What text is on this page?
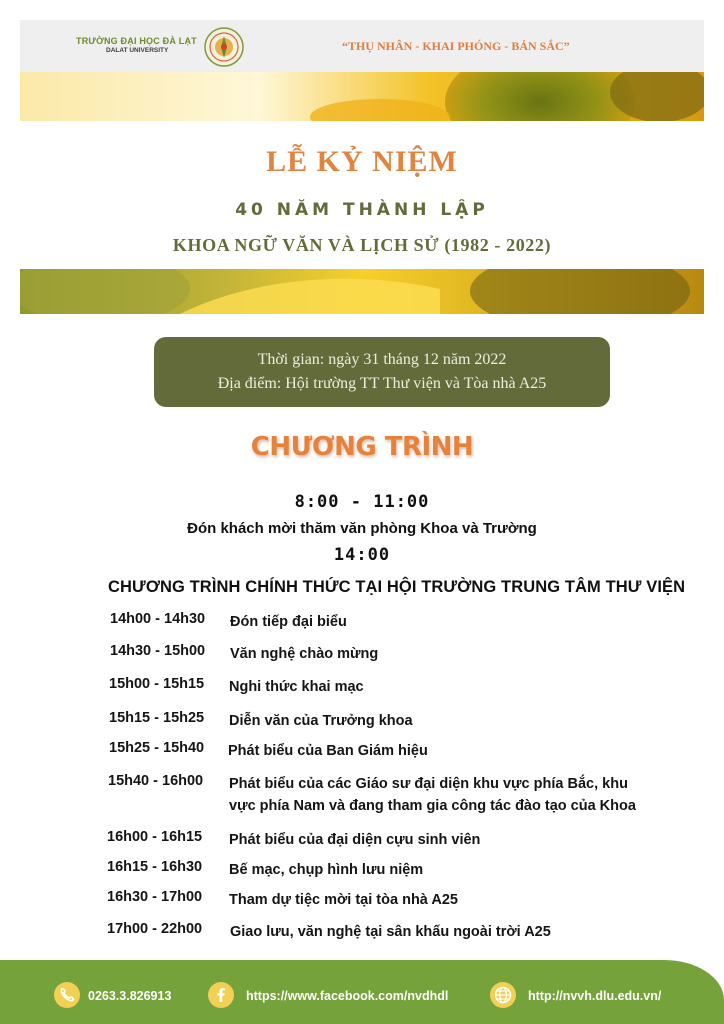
TRƯỜNG ĐẠI HỌC ĐÀ LẠT
DALAT UNIVERSITY	“THỤ NHÂN - KHAI PHÓNG - BẢN SẮC”
LỄ KỶ NIỆM
40 NĂM THÀNH LẬP
KHOA NGỮ VĂN VÀ LỊCH SỬ (1982 - 2022)
Thời gian: ngày 31 tháng 12 năm 2022
Địa điểm: Hội trường TT Thư viện và Tòa nhà A25
CHƯƠNG TRÌNH
8:00 - 11:00
Đón khách mời thăm văn phòng Khoa và Trường
14:00
CHƯƠNG TRÌNH CHÍNH THỨC TẠI HỘI TRƯỜNG TRUNG TÂM THƯ VIỆN
14h00 - 14h30 Đón tiếp đại biểu
14h30 - 15h00 Văn nghệ chào mừng
15h00 - 15h15 Nghi thức khai mạc
15h15 - 15h25 Diễn văn của Trưởng khoa
15h25 - 15h40 Phát biểu của Ban Giám hiệu
15h40 - 16h00 Phát biểu của các Giáo sư đại diện khu vực phía Bắc, khu vực phía Nam và đang tham gia công tác đào tạo của Khoa
16h00 - 16h15 Phát biểu của đại diện cựu sinh viên
16h15 - 16h30 Bế mạc, chụp hình lưu niệm
16h30 - 17h00 Tham dự tiệc mời tại tòa nhà A25
17h00 - 22h00 Giao lưu, văn nghệ tại sân khấu ngoài trời A25
0263.3.826913	https://www.facebook.com/nvdhdl	http://nvvh.dlu.edu.vn/
